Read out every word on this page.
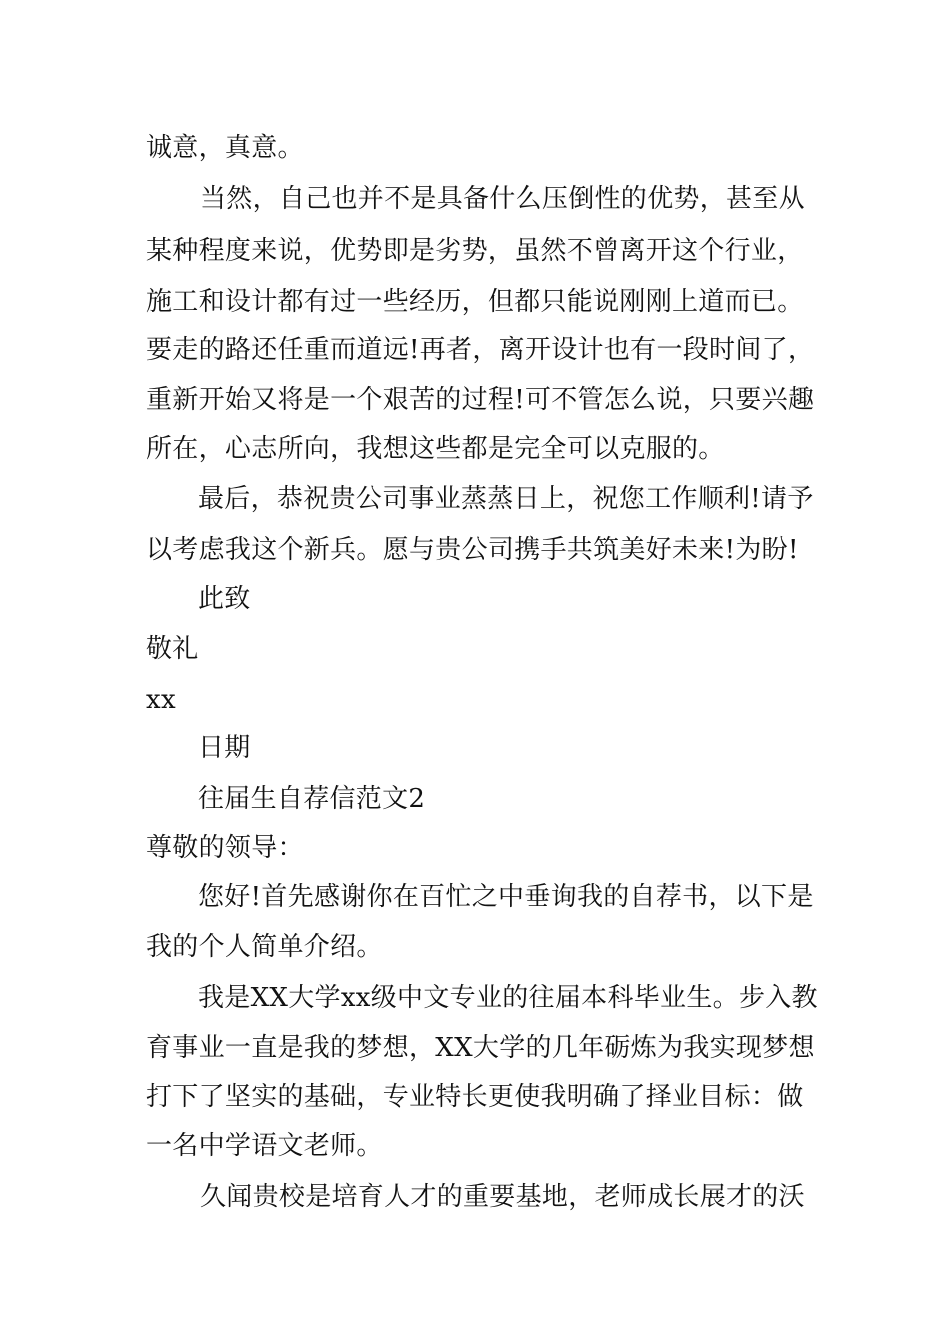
诚意，真意。
当然，自己也并不是具备什么压倒性的优势，甚至从
某种程度来说，优势即是劣势，虽然不曾离开这个行业，
施工和设计都有过一些经历，但都只能说刚刚上道而已。
要走的路还任重而道远!再者，离开设计也有一段时间了，
重新开始又将是一个艰苦的过程!可不管怎么说，只要兴趣
所在，心志所向，我想这些都是完全可以克服的。
最后，恭祝贵公司事业蒸蒸日上，祝您工作顺利!请予
以考虑我这个新兵。愿与贵公司携手共筑美好未来!为盼!
此致
敬礼
xx
日期
往届生自荐信范文2
尊敬的领导：
您好!首先感谢你在百忙之中垂询我的自荐书，以下是
我的个人简单介绍。
我是XX大学xx级中文专业的往届本科毕业生。步入教
育事业一直是我的梦想，XX大学的几年砺炼为我实现梦想
打下了坚实的基础，专业特长更使我明确了择业目标：做
一名中学语文老师。
久闻贵校是培育人才的重要基地，老师成长展才的沃
